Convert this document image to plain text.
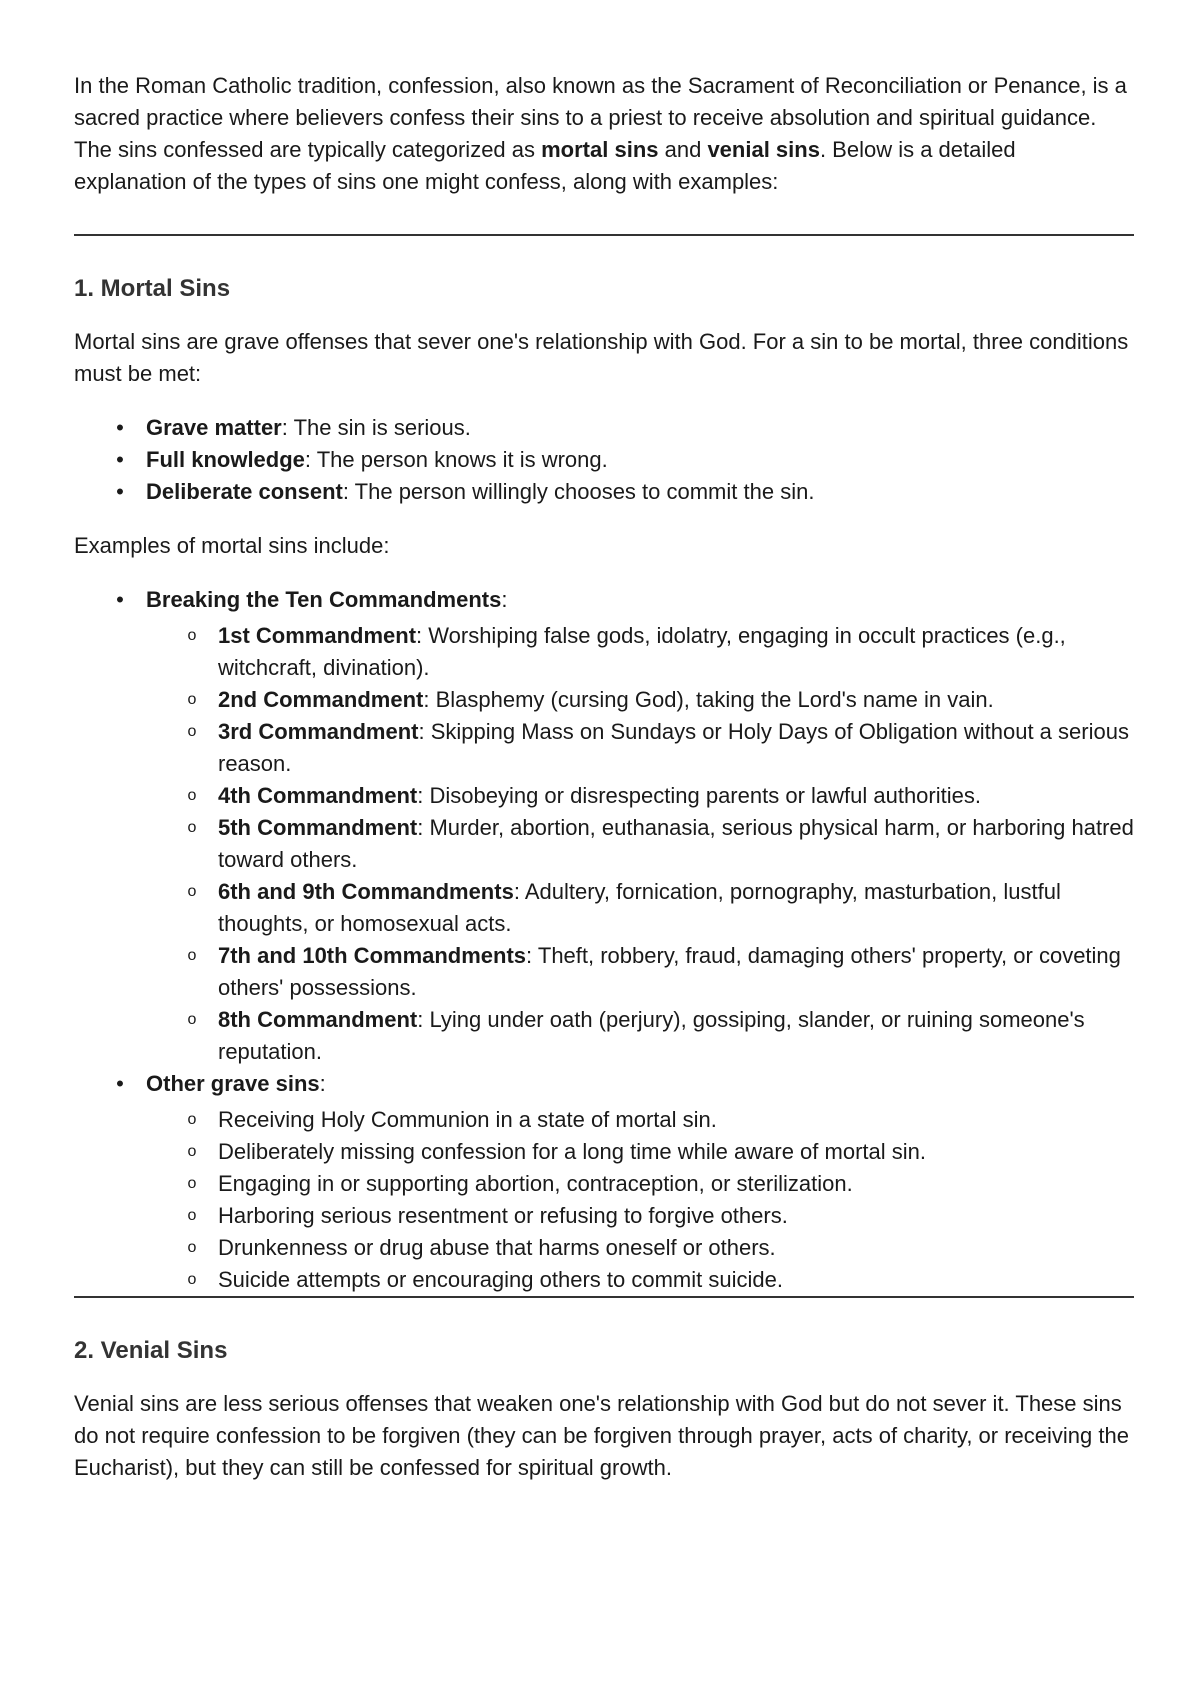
In the Roman Catholic tradition, confession, also known as the Sacrament of Reconciliation or Penance, is a sacred practice where believers confess their sins to a priest to receive absolution and spiritual guidance. The sins confessed are typically categorized as mortal sins and venial sins. Below is a detailed explanation of the types of sins one might confess, along with examples:

1. Mortal Sins

Mortal sins are grave offenses that sever one's relationship with God. For a sin to be mortal, three conditions must be met:

• Grave matter: The sin is serious.
• Full knowledge: The person knows it is wrong.
• Deliberate consent: The person willingly chooses to commit the sin.

Examples of mortal sins include:

• Breaking the Ten Commandments:
o 1st Commandment: Worshiping false gods, idolatry, engaging in occult practices (e.g., witchcraft, divination).
o 2nd Commandment: Blasphemy (cursing God), taking the Lord's name in vain.
o 3rd Commandment: Skipping Mass on Sundays or Holy Days of Obligation without a serious reason.
o 4th Commandment: Disobeying or disrespecting parents or lawful authorities.
o 5th Commandment: Murder, abortion, euthanasia, serious physical harm, or harboring hatred toward others.
o 6th and 9th Commandments: Adultery, fornication, pornography, masturbation, lustful thoughts, or homosexual acts.
o 7th and 10th Commandments: Theft, robbery, fraud, damaging others' property, or coveting others' possessions.
o 8th Commandment: Lying under oath (perjury), gossiping, slander, or ruining someone's reputation.
• Other grave sins:
o Receiving Holy Communion in a state of mortal sin.
o Deliberately missing confession for a long time while aware of mortal sin.
o Engaging in or supporting abortion, contraception, or sterilization.
o Harboring serious resentment or refusing to forgive others.
o Drunkenness or drug abuse that harms oneself or others.
o Suicide attempts or encouraging others to commit suicide.
2. Venial Sins

Venial sins are less serious offenses that weaken one's relationship with God but do not sever it. These sins do not require confession to be forgiven (they can be forgiven through prayer, acts of charity, or receiving the Eucharist), but they can still be confessed for spiritual growth.
